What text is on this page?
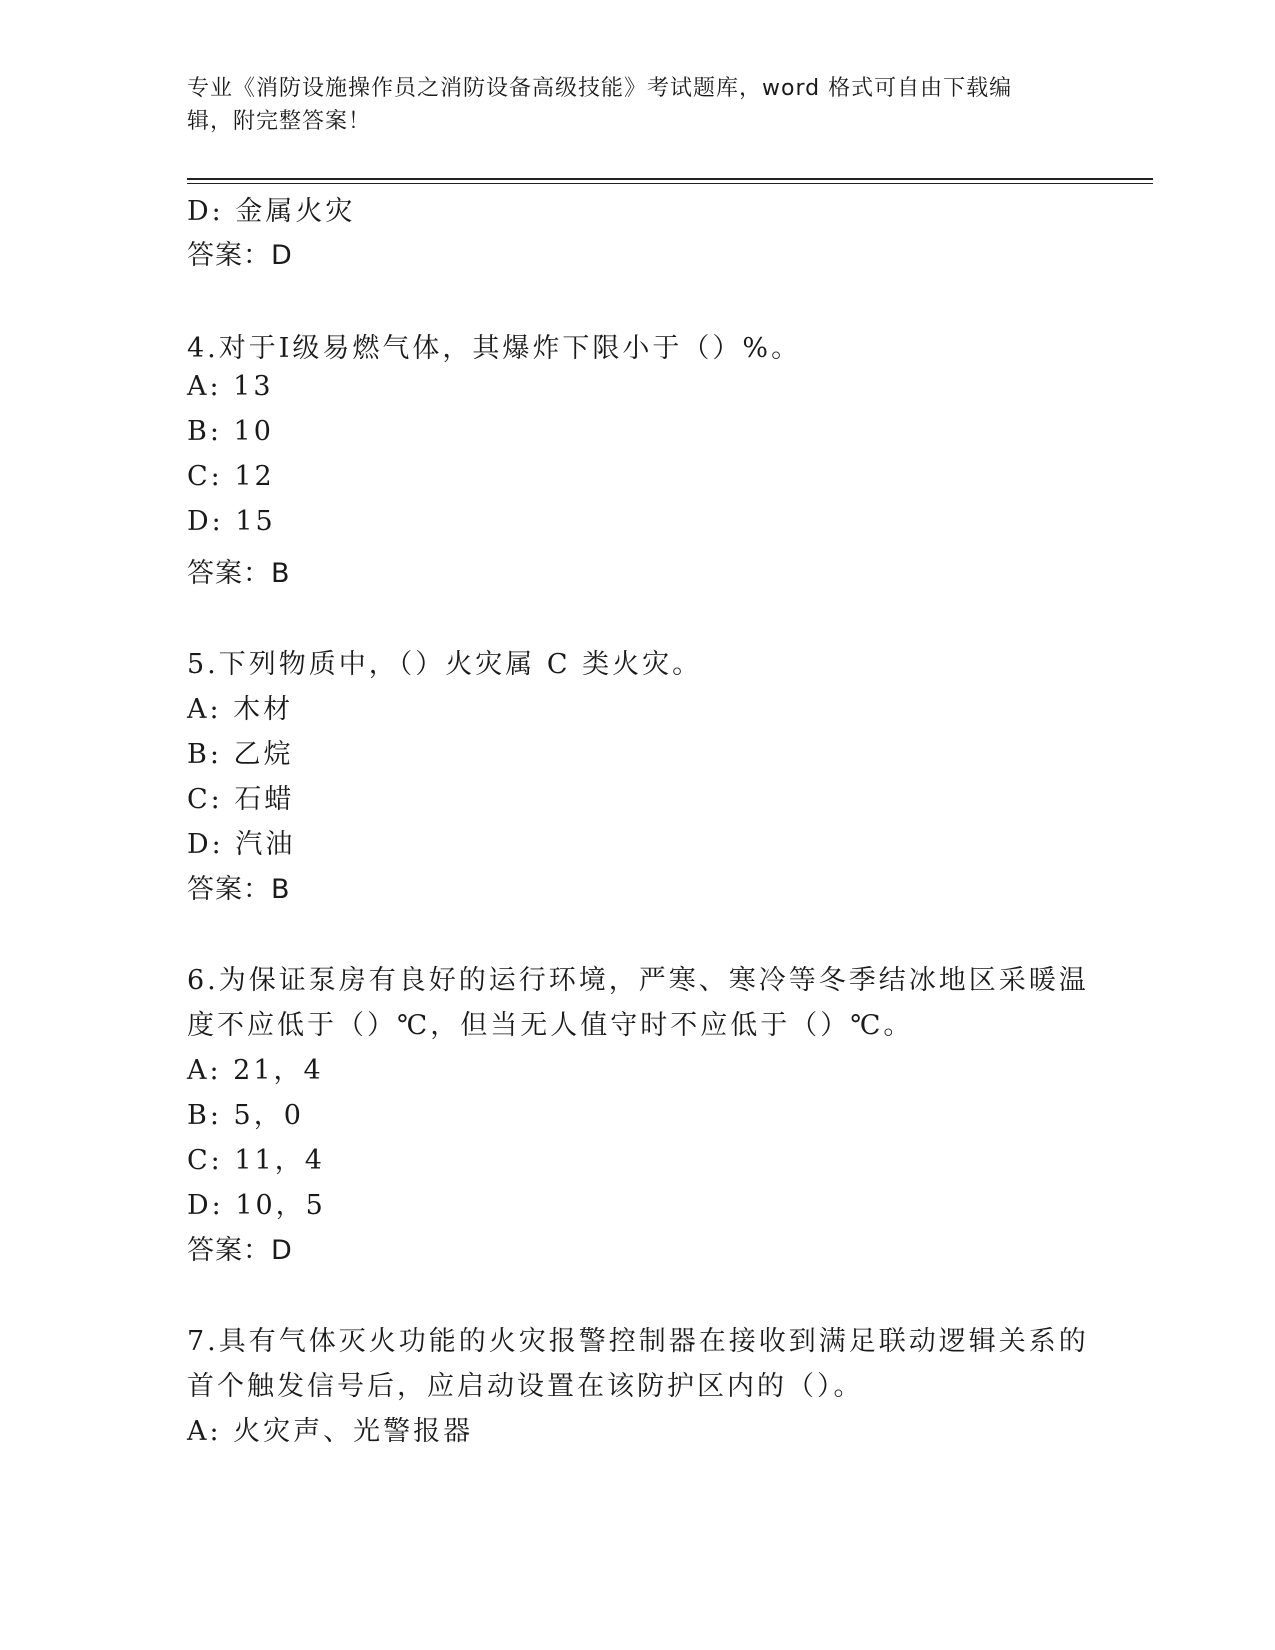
专业《消防设施操作员之消防设备高级技能》考试题库，word 格式可自由下载编
辑，附完整答案！
D: 金属火灾
答案：D
4.对于Ⅰ级易燃气体，其爆炸下限小于（）%。
A: 13
B: 10
C: 12
D: 15
答案：B
5.下列物质中，（）火灾属 C 类火灾。
A: 木材
B: 乙烷
C: 石蜡
D: 汽油
答案：B
6.为保证泵房有良好的运行环境，严寒、寒冷等冬季结冰地区采暖温
度不应低于（）℃，但当无人值守时不应低于（）℃。
A: 21，4
B: 5，0
C: 11，4
D: 10，5
答案：D
7.具有气体灭火功能的火灾报警控制器在接收到满足联动逻辑关系的
首个触发信号后，应启动设置在该防护区内的（）。
A: 火灾声、光警报器
